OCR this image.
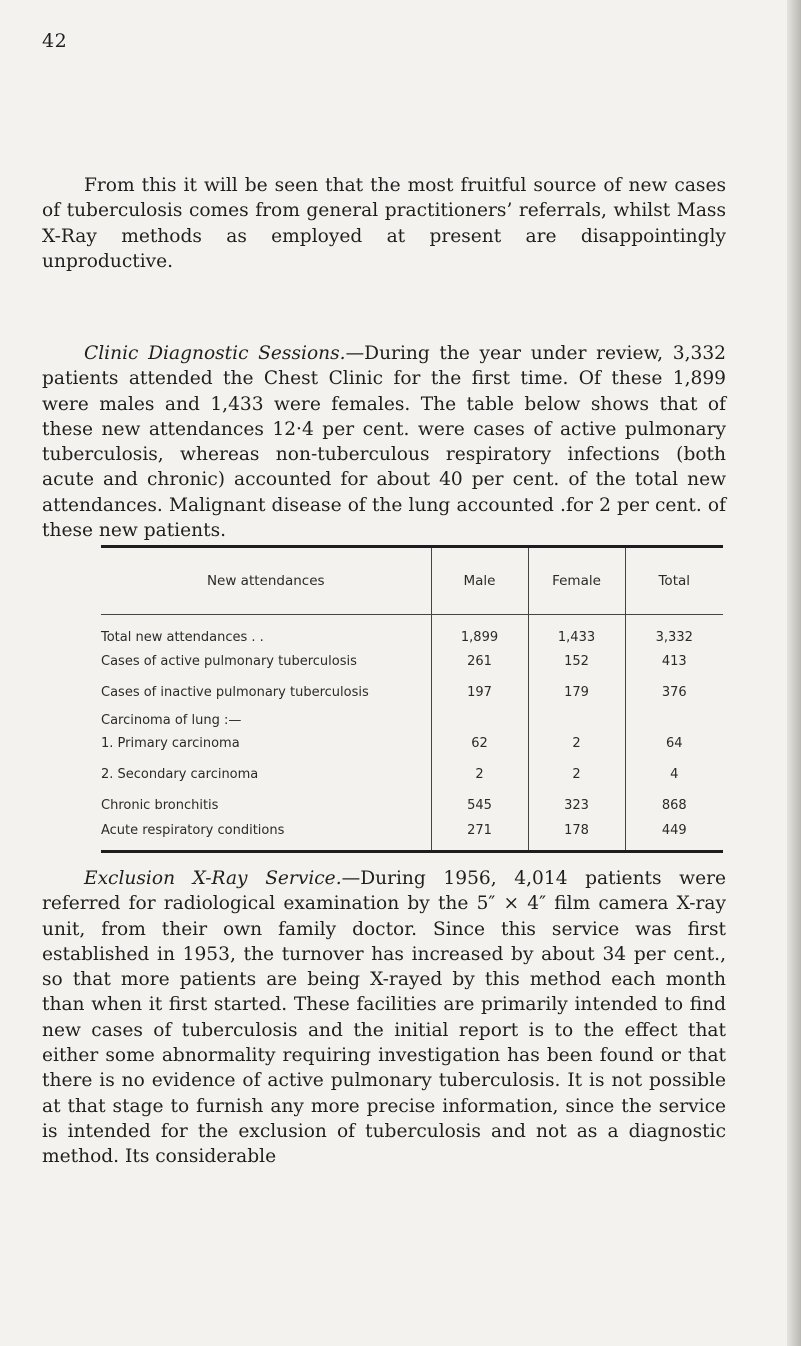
42

From this it will be seen that the most fruitful source of new cases of tuberculosis comes from general practitioners’ referrals, whilst Mass X-Ray methods as employed at present are disappointingly unproductive.

Clinic Diagnostic Sessions.—During the year under review, 3,332 patients attended the Chest Clinic for the first time. Of these 1,899 were males and 1,433 were females. The table below shows that of these new attendances 12·4 per cent. were cases of active pulmonary tuberculosis, whereas non-tuberculous respiratory infections (both acute and chronic) accounted for about 40 per cent. of the total new attendances. Malignant disease of the lung accounted .for 2 per cent. of these new patients.

New attendances	Male	Female	Total
Total new attendances . .	1,899	1,433	3,332
Cases of active pulmonary tuberculosis	261	152	413
Cases of inactive pulmonary tuberculosis	197	179	376
Carcinoma of lung :—			
1. Primary carcinoma	62	2	64
2. Secondary carcinoma	2	2	4
Chronic bronchitis	545	323	868
Acute respiratory conditions	271	178	449

Exclusion X-Ray Service.—During 1956, 4,014 patients were referred for radiological examination by the 5″ × 4″ film camera X-ray unit, from their own family doctor. Since this service was first established in 1953, the turnover has increased by about 34 per cent., so that more patients are being X-rayed by this method each month than when it first started. These facilities are primarily intended to find new cases of tuberculosis and the initial report is to the effect that either some abnormality requiring investigation has been found or that there is no evidence of active pulmonary tuberculosis. It is not possible at that stage to furnish any more precise information, since the service is intended for the exclusion of tuberculosis and not as a diagnostic method. Its considerable
